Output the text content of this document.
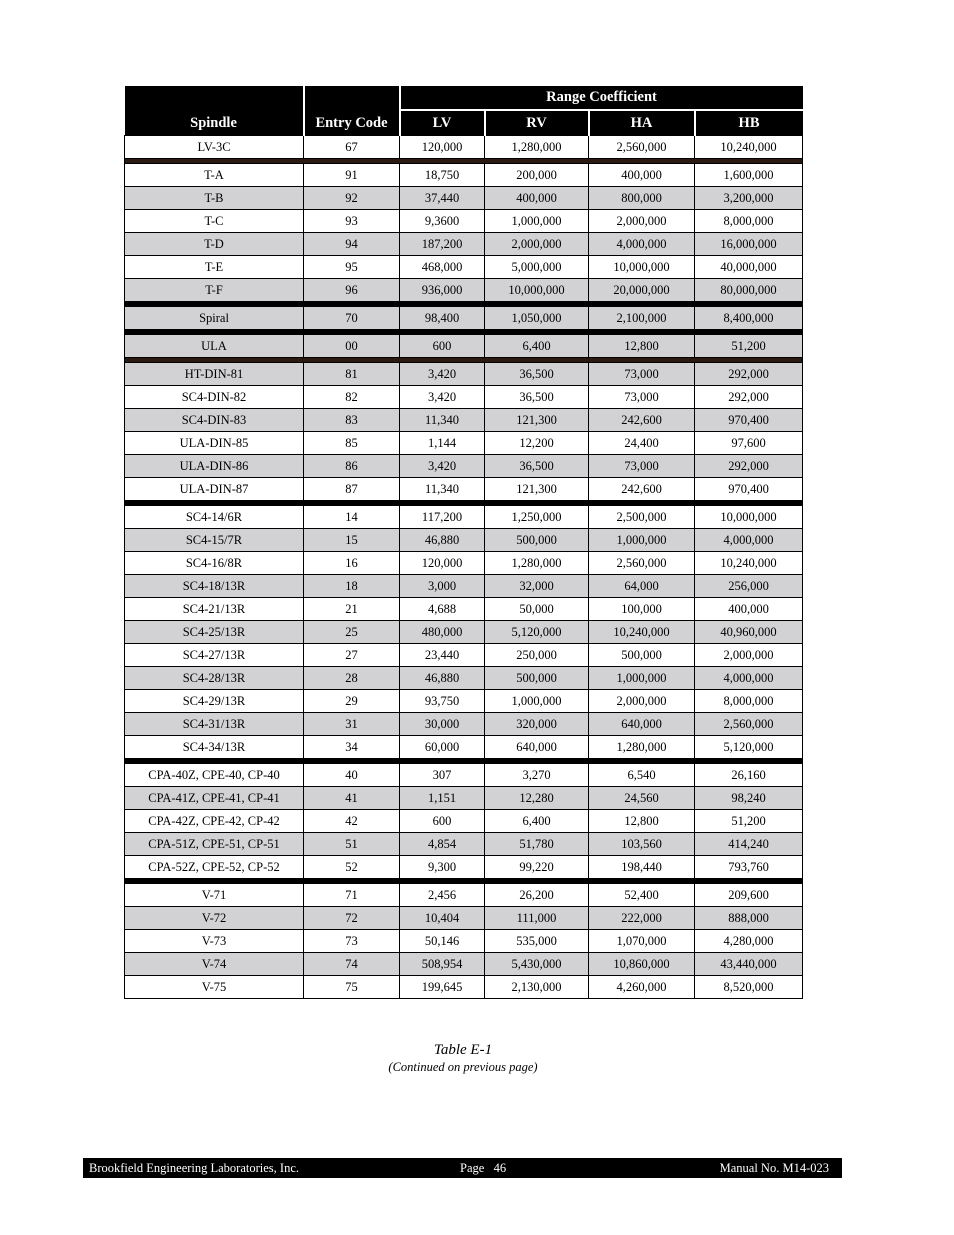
Spindle	Entry Code	Range Coefficient			
		LV	RV	HA	HB
LV-3C	67	120,000	1,280,000	2,560,000	10,240,000

T-A	91	18,750	200,000	400,000	1,600,000
T-B	92	37,440	400,000	800,000	3,200,000
T-C	93	9,3600	1,000,000	2,000,000	8,000,000
T-D	94	187,200	2,000,000	4,000,000	16,000,000
T-E	95	468,000	5,000,000	10,000,000	40,000,000
T-F	96	936,000	10,000,000	20,000,000	80,000,000

Spiral	70	98,400	1,050,000	2,100,000	8,400,000

ULA	00	600	6,400	12,800	51,200

HT-DIN-81	81	3,420	36,500	73,000	292,000
SC4-DIN-82	82	3,420	36,500	73,000	292,000
SC4-DIN-83	83	11,340	121,300	242,600	970,400
ULA-DIN-85	85	1,144	12,200	24,400	97,600
ULA-DIN-86	86	3,420	36,500	73,000	292,000
ULA-DIN-87	87	11,340	121,300	242,600	970,400

SC4-14/6R	14	117,200	1,250,000	2,500,000	10,000,000
SC4-15/7R	15	46,880	500,000	1,000,000	4,000,000
SC4-16/8R	16	120,000	1,280,000	2,560,000	10,240,000
SC4-18/13R	18	3,000	32,000	64,000	256,000
SC4-21/13R	21	4,688	50,000	100,000	400,000
SC4-25/13R	25	480,000	5,120,000	10,240,000	40,960,000
SC4-27/13R	27	23,440	250,000	500,000	2,000,000
SC4-28/13R	28	46,880	500,000	1,000,000	4,000,000
SC4-29/13R	29	93,750	1,000,000	2,000,000	8,000,000
SC4-31/13R	31	30,000	320,000	640,000	2,560,000
SC4-34/13R	34	60,000	640,000	1,280,000	5,120,000

CPA-40Z, CPE-40, CP-40	40	307	3,270	6,540	26,160
CPA-41Z, CPE-41, CP-41	41	1,151	12,280	24,560	98,240
CPA-42Z, CPE-42, CP-42	42	600	6,400	12,800	51,200
CPA-51Z, CPE-51, CP-51	51	4,854	51,780	103,560	414,240
CPA-52Z, CPE-52, CP-52	52	9,300	99,220	198,440	793,760

V-71	71	2,456	26,200	52,400	209,600
V-72	72	10,404	111,000	222,000	888,000
V-73	73	50,146	535,000	1,070,000	4,280,000
V-74	74	508,954	5,430,000	10,860,000	43,440,000
V-75	75	199,645	2,130,000	4,260,000	8,520,000
Table E-1
(Continued on previous page)
Brookfield Engineering Laboratories, Inc.	Page   46	Manual No. M14-023
